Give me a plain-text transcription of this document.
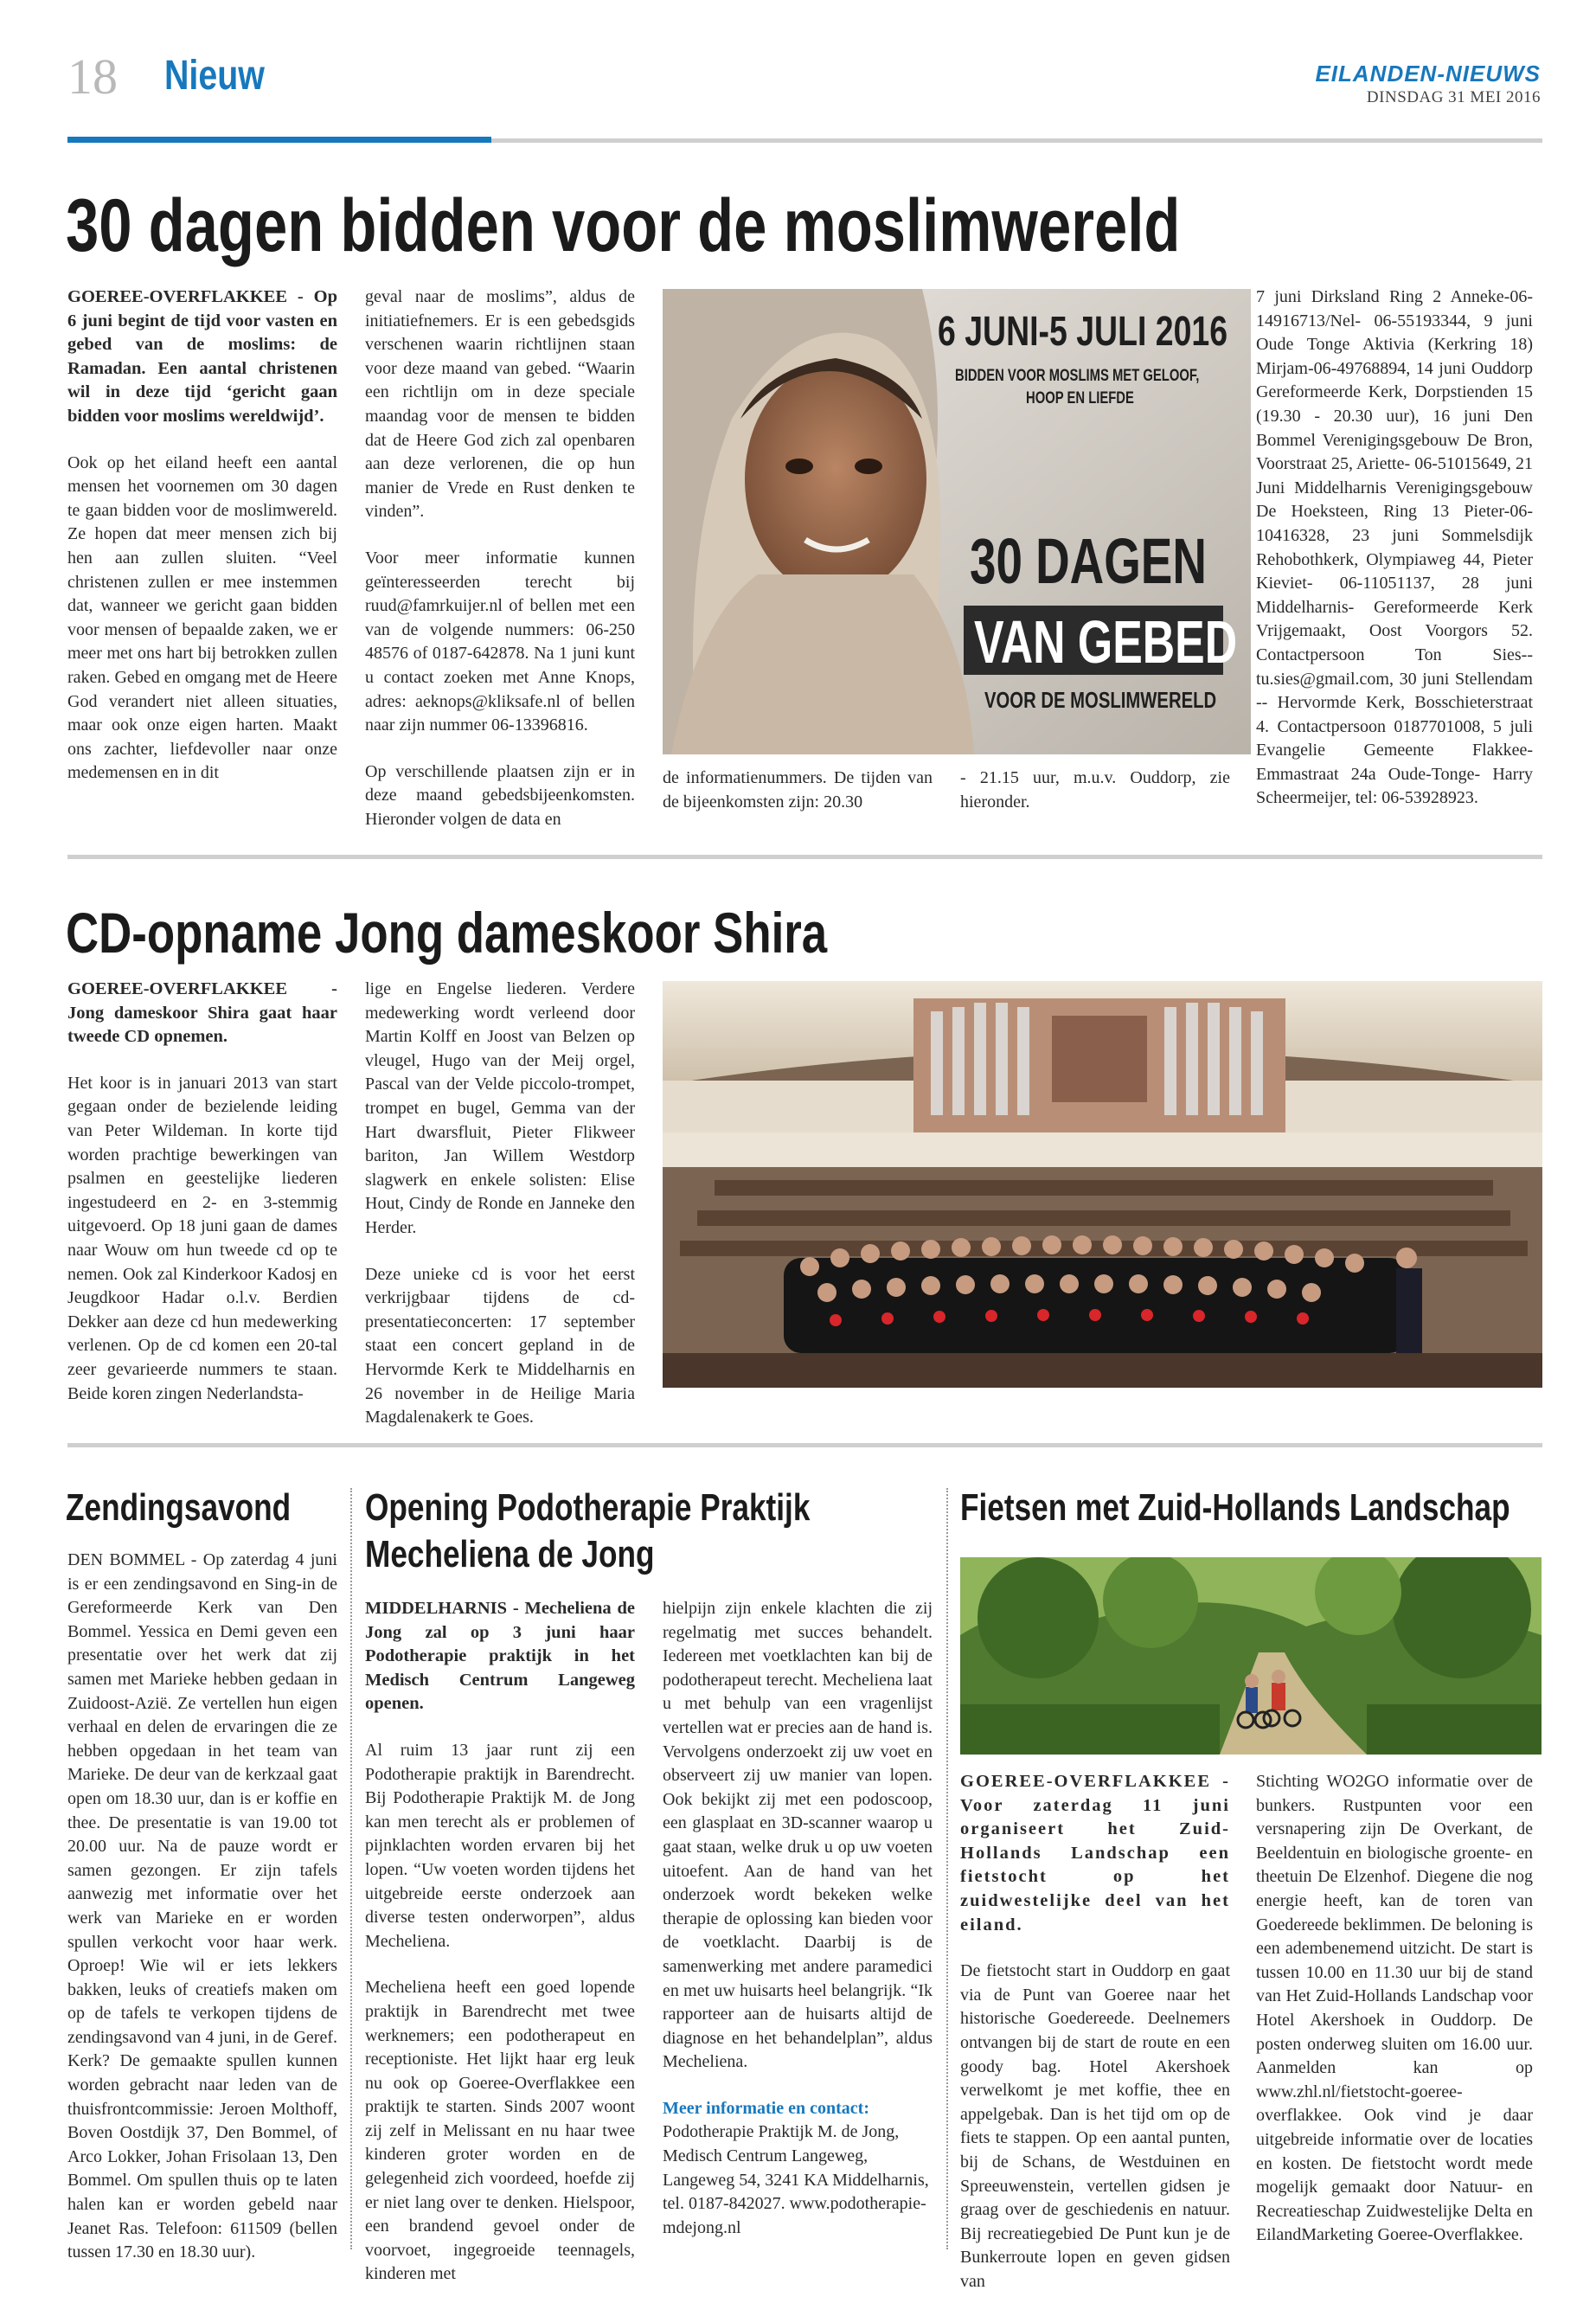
18 Nieuw	EILANDEN-NIEUWS
DINSDAG 31 MEI 2016
30 dagen bidden voor de moslimwereld

GOEREE-OVERFLAKKEE - Op 6 juni begint de tijd voor vasten en gebed van de moslims: de Ramadan. Een aantal christenen wil in deze tijd ‘gericht gaan bidden voor moslims wereldwijd’.

Ook op het eiland heeft een aantal mensen het voornemen om 30 dagen te gaan bidden voor de moslimwereld. Ze hopen dat meer mensen zich bij hen aan zullen sluiten. “Veel christenen zullen er mee instemmen dat, wanneer we gericht gaan bidden voor mensen of bepaalde zaken, we er meer met ons hart bij betrokken zullen raken. Gebed en omgang met de Heere God verandert niet alleen situaties, maar ook onze eigen harten. Maakt ons zachter, liefdevoller naar onze medemensen en in dit

geval naar de moslims”, aldus de initiatiefnemers. Er is een gebedsgids verschenen waarin richtlijnen staan voor deze maand van gebed. “Waarin een richtlijn om in deze speciale maandag voor de mensen te bidden dat de Heere God zich zal openbaren aan deze verlorenen, die op hun manier de Vrede en Rust denken te vinden”.

Voor meer informatie kunnen geïnteresseerden terecht bij ruud@famrkuijer.nl of bellen met een van de volgende nummers: 06-250 48576 of 0187-642878. Na 1 juni kunt u contact zoeken met Anne Knops, adres: aeknops@kliksafe.nl of bellen naar zijn nummer 06-13396816.

Op verschillende plaatsen zijn er in deze maand gebedsbijeenkomsten. Hieronder volgen de data en

6 JUNI-5 JULI 2016
BIDDEN VOOR MOSLIMS MET GELOOF,
HOOP EN LIEFDE
30 DAGEN
VAN GEBED
VOOR DE MOSLIMWERELD
de informatienummers. De tijden van de bijeenkomsten zijn: 20.30
- 21.15 uur, m.u.v. Ouddorp, zie hieronder.
7 juni Dirksland Ring 2 Anneke-06-14916713/Nel- 06-55193344, 9 juni Oude Tonge Aktivia (Kerkring 18) Mirjam-06-49768894, 14 juni Ouddorp Gereformeerde Kerk, Dorpstienden 15 (19.30 - 20.30 uur), 16 juni Den Bommel Verenigingsgebouw De Bron, Voorstraat 25, Ariette- 06-51015649, 21 Juni Middelharnis Verenigingsgebouw De Hoeksteen, Ring 13 Pieter-06-10416328, 23 juni Sommelsdijk Rehobothkerk, Olympiaweg 44, Pieter Kieviet- 06-11051137, 28 juni Middelharnis- Gereformeerde Kerk Vrijgemaakt, Oost Voorgors 52. Contactpersoon Ton Sies-- tu.sies@gmail.com, 30 juni Stellendam -- Hervormde Kerk, Bosschieterstraat 4. Contactpersoon 0187701008, 5 juli Evangelie Gemeente Flakkee- Emmastraat 24a Oude-Tonge- Harry Scheermeijer, tel: 06-53928923.
CD-opname Jong dameskoor Shira

GOEREE-OVERFLAKKEE - Jong dameskoor Shira gaat haar tweede CD opnemen.

Het koor is in januari 2013 van start gegaan onder de bezielende leiding van Peter Wildeman. In korte tijd worden prachtige bewerkingen van psalmen en geestelijke liederen ingestudeerd en 2- en 3-stemmig uitgevoerd. Op 18 juni gaan de dames naar Wouw om hun tweede cd op te nemen. Ook zal Kinderkoor Kadosj en Jeugdkoor Hadar o.l.v. Berdien Dekker aan deze cd hun medewerking verlenen. Op de cd komen een 20-tal zeer gevarieerde nummers te staan. Beide koren zingen Nederlandsta-

lige en Engelse liederen. Verdere medewerking wordt verleend door Martin Kolff en Joost van Belzen op vleugel, Hugo van der Meij orgel, Pascal van der Velde piccolo-trompet, trompet en bugel, Gemma van der Hart dwarsfluit, Pieter Flikweer bariton, Jan Willem Westdorp slagwerk en enkele solisten: Elise Hout, Cindy de Ronde en Janneke den Herder.

Deze unieke cd is voor het eerst verkrijgbaar tijdens de cd-presentatieconcerten: 17 september staat een concert gepland in de Hervormde Kerk te Middelharnis en 26 november in de Heilige Maria Magdalenakerk te Goes.

Zendingsavond
DEN BOMMEL - Op zaterdag 4 juni is er een zendingsavond en Sing-in de Gereformeerde Kerk van Den Bommel. Yessica en Demi geven een presentatie over het werk dat zij samen met Marieke hebben gedaan in Zuidoost-Azië. Ze vertellen hun eigen verhaal en delen de ervaringen die ze hebben opgedaan in het team van Marieke. De deur van de kerkzaal gaat open om 18.30 uur, dan is er koffie en thee. De presentatie is van 19.00 tot 20.00 uur. Na de pauze wordt er samen gezongen. Er zijn tafels aanwezig met informatie over het werk van Marieke en er worden spullen verkocht voor haar werk. Oproep! Wie wil er iets lekkers bakken, leuks of creatiefs maken om op de tafels te verkopen tijdens de zendingsavond van 4 juni, in de Geref. Kerk? De gemaakte spullen kunnen worden gebracht naar leden van de thuisfrontcommissie: Jeroen Molthoff, Boven Oostdijk 37, Den Bommel, of Arco Lokker, Johan Frisolaan 13, Den Bommel. Om spullen thuis op te laten halen kan er worden gebeld naar Jeanet Ras. Telefoon: 611509 (bellen tussen 17.30 en 18.30 uur).
Opening Podotherapie Praktijk
Mecheliena de Jong

MIDDELHARNIS - Mecheliena de Jong zal op 3 juni haar Podotherapie praktijk in het Medisch Centrum Langeweg openen.

Al ruim 13 jaar runt zij een Podotherapie praktijk in Barendrecht. Bij Podotherapie Praktijk M. de Jong kan men terecht als er problemen of pijnklachten worden ervaren bij het lopen. “Uw voeten worden tijdens het uitgebreide eerste onderzoek aan diverse testen onderworpen”, aldus Mecheliena.

Mecheliena heeft een goed lopende praktijk in Barendrecht met twee werknemers; een podotherapeut en receptioniste. Het lijkt haar erg leuk nu ook op Goeree-Overflakkee een praktijk te starten. Sinds 2007 woont zij zelf in Melissant en nu haar twee kinderen groter worden en de gelegenheid zich voordeed, hoefde zij er niet lang over te denken. Hielspoor, een brandend gevoel onder de voorvoet, ingegroeide teennagels, kinderen met

hielpijn zijn enkele klachten die zij regelmatig met succes behandelt. Iedereen met voetklachten kan bij de podotherapeut terecht. Mecheliena laat u met behulp van een vragenlijst vertellen wat er precies aan de hand is. Vervolgens onderzoekt zij uw voet en observeert zij uw manier van lopen. Ook bekijkt zij met een podoscoop, een glasplaat en 3D-scanner waarop u gaat staan, welke druk u op uw voeten uitoefent. Aan de hand van het onderzoek wordt bekeken welke therapie de oplossing kan bieden voor de voetklacht. Daarbij is de samenwerking met andere paramedici en met uw huisarts heel belangrijk. “Ik rapporteer aan de huisarts altijd de diagnose en het behandelplan”, aldus Mecheliena.

Meer informatie en contact:
Podotherapie Praktijk M. de Jong, Medisch Centrum Langeweg, Langeweg 54, 3241 KA Middelharnis, tel. 0187-842027. www.podotherapie-mdejong.nl
Fietsen met Zuid-Hollands Landschap

GOEREE-OVERFLAKKEE - Voor zaterdag 11 juni organiseert het Zuid-Hollands Landschap een fietstocht op het zuidwestelijke deel van het eiland.

De fietstocht start in Ouddorp en gaat via de Punt van Goeree naar het historische Goedereede. Deelnemers ontvangen bij de start de route en een goody bag. Hotel Akershoek verwelkomt je met koffie, thee en appelgebak. Dan is het tijd om op de fiets te stappen. Op een aantal punten, bij de Schans, de Westduinen en Spreeuwenstein, vertellen gidsen je graag over de geschiedenis en natuur. Bij recreatiegebied De Punt kun je de Bunkerroute lopen en geven gidsen van

Stichting WO2GO informatie over de bunkers. Rustpunten voor een versnapering zijn De Overkant, de Beeldentuin en biologische groente- en theetuin De Elzenhof. Diegene die nog energie heeft, kan de toren van Goedereede beklimmen. De beloning is een adembenemend uitzicht. De start is tussen 10.00 en 11.30 uur bij de stand van Het Zuid-Hollands Landschap voor Hotel Akershoek in Ouddorp. De posten onderweg sluiten om 16.00 uur. Aanmelden kan op www.zhl.nl/fietstocht-goeree-overflakkee. Ook vind je daar uitgebreide informatie over de locaties en kosten. De fietstocht wordt mede mogelijk gemaakt door Natuur- en Recreatieschap Zuidwestelijke Delta en EilandMarketing Goeree-Overflakkee.
